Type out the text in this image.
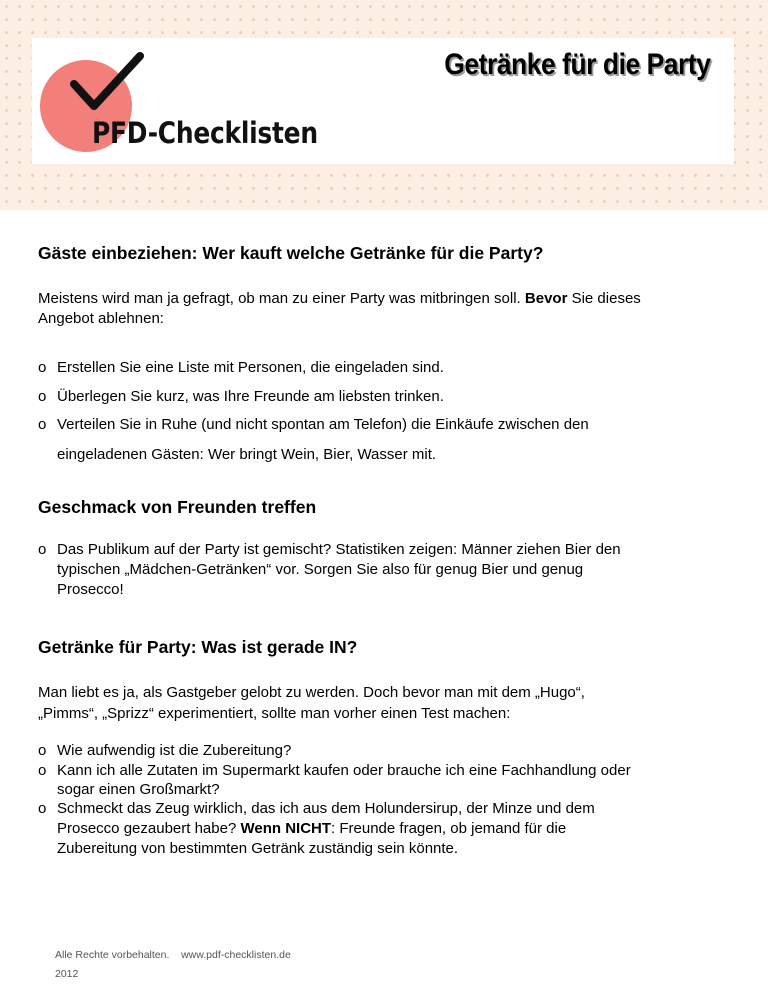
PFD-Checklisten
Getränke für die Party
Gäste einbeziehen: Wer kauft welche Getränke für die Party?
Meistens wird man ja gefragt, ob man zu einer Party was mitbringen soll. Bevor Sie dieses
Angebot ablehnen:
o Erstellen Sie eine Liste mit Personen, die eingeladen sind.
o Überlegen Sie kurz, was Ihre Freunde am liebsten trinken.
o Verteilen Sie in Ruhe (und nicht spontan am Telefon) die Einkäufe zwischen den
eingeladenen Gästen: Wer bringt Wein, Bier, Wasser mit.
Geschmack von Freunden treffen
o Das Publikum auf der Party ist gemischt? Statistiken zeigen: Männer ziehen Bier den
typischen „Mädchen-Getränken“ vor. Sorgen Sie also für genug Bier und genug
Prosecco!
Getränke für Party: Was ist gerade IN?
Man liebt es ja, als Gastgeber gelobt zu werden. Doch bevor man mit dem „Hugo“,
„Pimms“, „Sprizz“ experimentiert, sollte man vorher einen Test machen:
o Wie aufwendig ist die Zubereitung?
o Kann ich alle Zutaten im Supermarkt kaufen oder brauche ich eine Fachhandlung oder
sogar einen Großmarkt?
o Schmeckt das Zeug wirklich, das ich aus dem Holundersirup, der Minze und dem
Prosecco gezaubert habe? Wenn NICHT: Freunde fragen, ob jemand für die
Zubereitung von bestimmten Getränk zuständig sein könnte.
Alle Rechte vorbehalten. www.pdf-checklisten.de
2012
